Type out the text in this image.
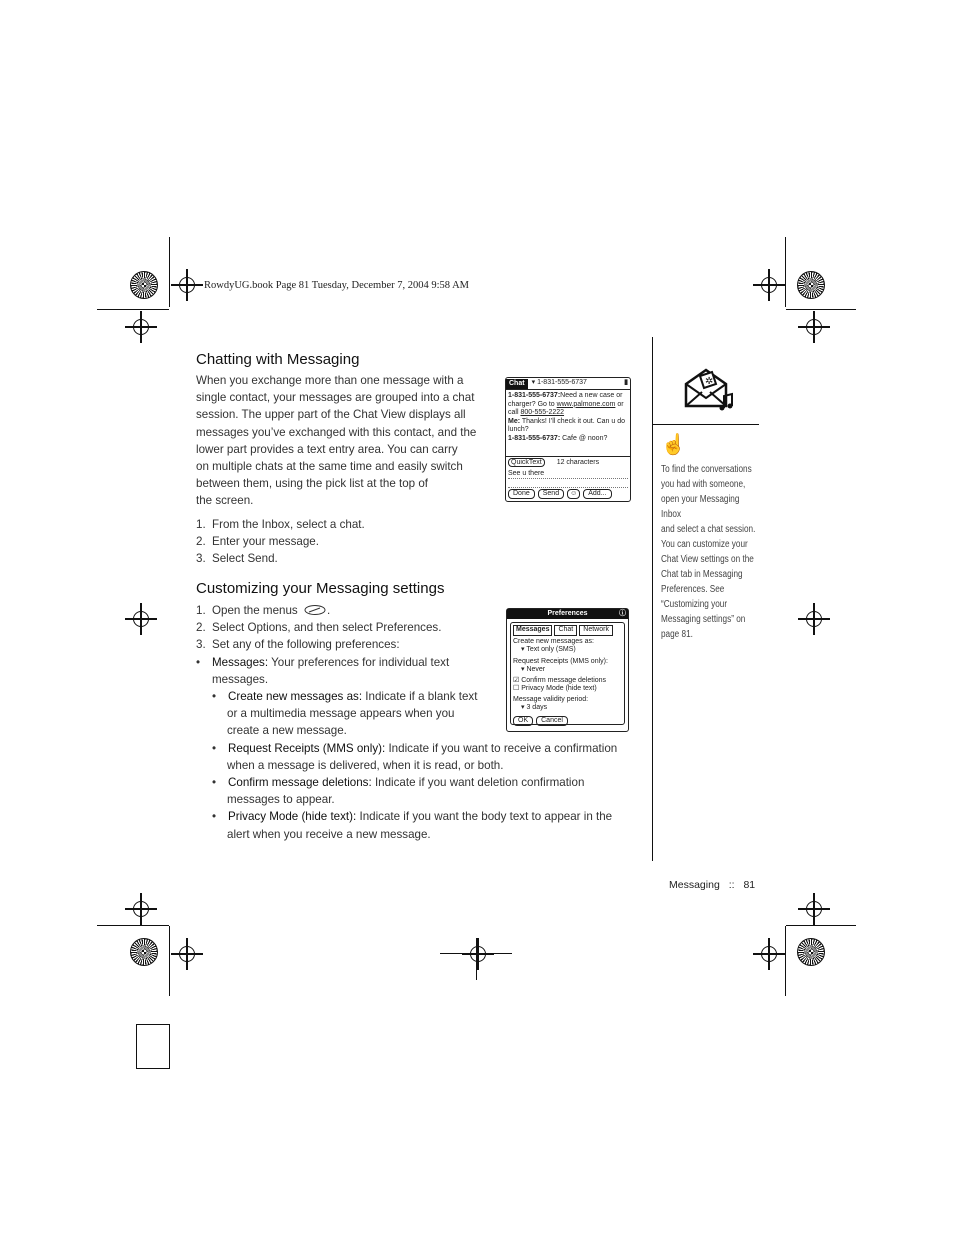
RowdyUG.book Page 81 Tuesday, December 7, 2004 9:58 AM
Chatting with Messaging

When you exchange more than one message with a

single contact, your messages are grouped into a chat

session. The upper part of the Chat View displays all

messages you’ve exchanged with this contact, and the

lower part provides a text entry area. You can carry

on multiple chats at the same time and easily switch

between them, using the pick list at the top of

the screen.

1. From the Inbox, select a chat.
2. Enter your message.
3. Select Send.
Chat	▾ 1-831-555-6737	▮
1-831-555-6737:Need a new case or charger? Go to www.palmone.com or call 800-555-2222
Me: Thanks! I’ll check it out. Can u do lunch?
1-831-555-6737: Cafe @ noon?
QuickText 12 characters
See u there
Done	Send	☺	Add...
Customizing your Messaging settings
1. Open the menus	.
2. Select Options, and then select Preferences.
3. Set any of the following preferences:
• Messages: Your preferences for individual text
messages.
• Create new messages as: Indicate if a blank text
or a multimedia message appears when you
create a new message.
• Request Receipts (MMS only): Indicate if you want to receive a confirmation
when a message is delivered, when it is read, or both.
• Confirm message deletions: Indicate if you want deletion confirmation
messages to appear.
• Privacy Mode (hide text): Indicate if you want the body text to appear in the
alert when you receive a new message.
Preferences	ⓘ
Messages	Chat	Network
Create new messages as:
▾ Text only (SMS)
Request Receipts (MMS only):
▾ Never
☑ Confirm message deletions
☐ Privacy Mode (hide text)
Message validity period:
▾ 3 days
OK	Cancel
✲
☝
To find the conversations
you had with someone,
open your Messaging Inbox
and select a chat session.
You can customize your
Chat View settings on the
Chat tab in Messaging
Preferences. See
“Customizing your
Messaging settings” on
page 81.
Messaging :: 81
